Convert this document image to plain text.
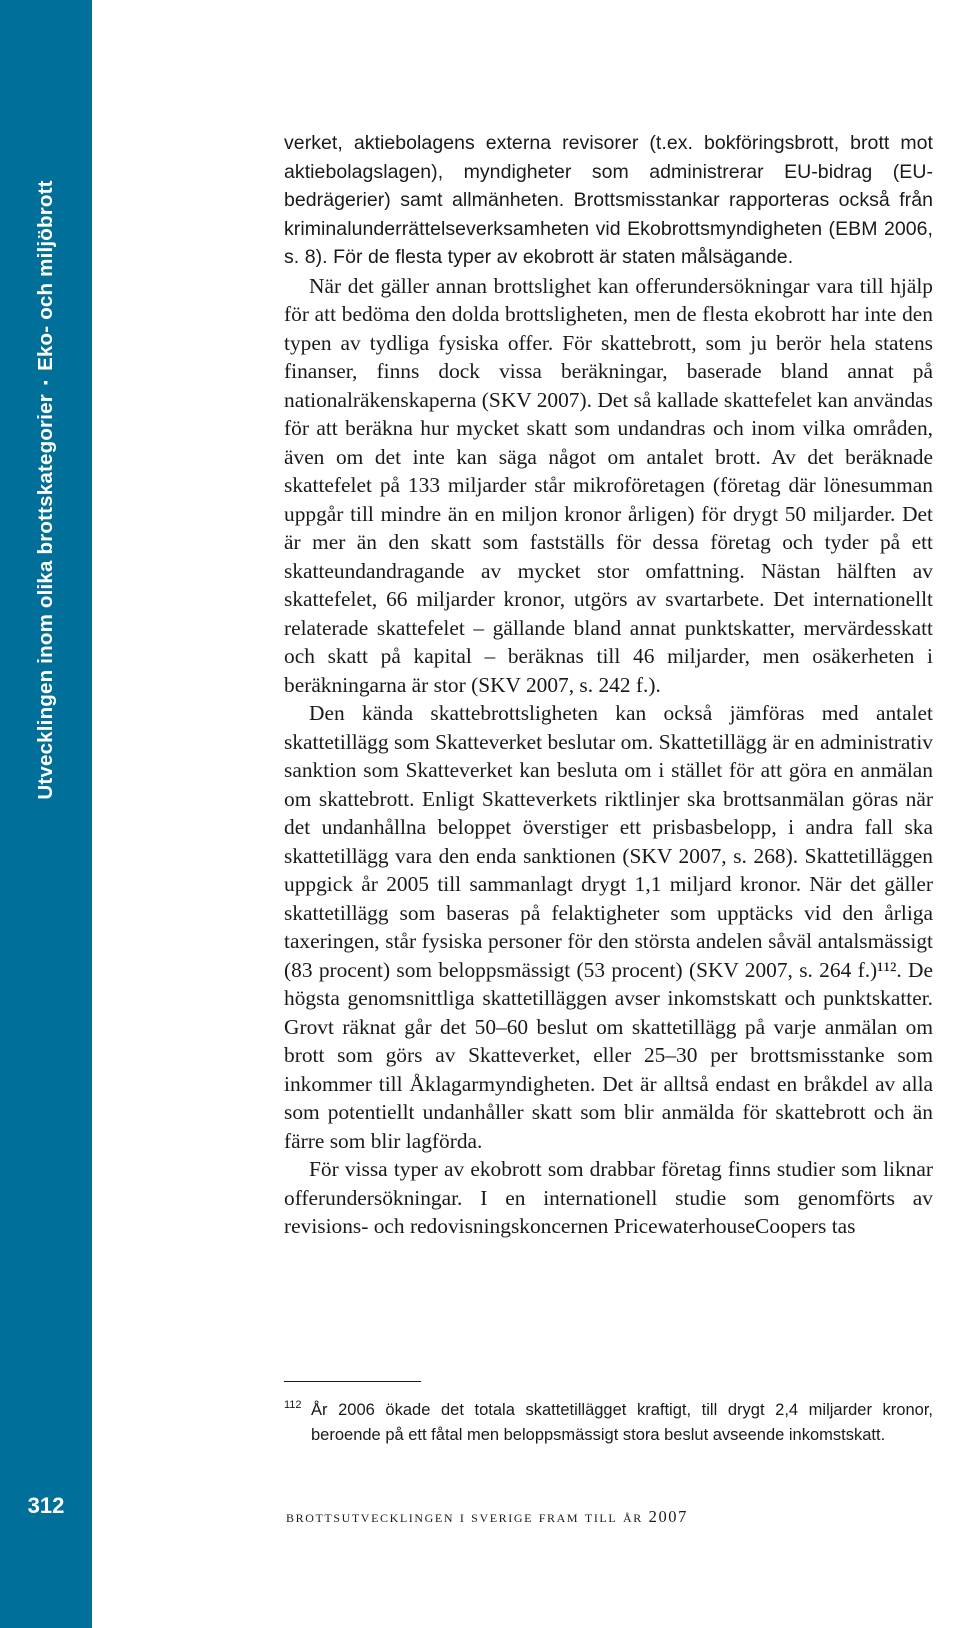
Utvecklingen inom olika brottskategorier▪Eko- och miljöbrott
312

verket, aktiebolagens externa revisorer (t.ex. bokföringsbrott, brott mot aktiebolagslagen), myndigheter som administrerar EU-bidrag (EU-bedrägerier) samt allmänheten. Brottsmisstankar rapporteras också från kriminalunderrättelseverksamheten vid Ekobrottsmyndigheten (EBM 2006, s. 8). För de flesta typer av ekobrott är staten målsägande.

När det gäller annan brottslighet kan offerundersökningar vara till hjälp för att bedöma den dolda brottsligheten, men de flesta ekobrott har inte den typen av tydliga fysiska offer. För skattebrott, som ju berör hela statens finanser, finns dock vissa beräkningar, baserade bland annat på nationalräkenskaperna (SKV 2007). Det så kallade skattefelet kan användas för att beräkna hur mycket skatt som undandras och inom vilka områden, även om det inte kan säga något om antalet brott. Av det beräknade skattefelet på 133 miljarder står mikroföretagen (företag där lönesumman uppgår till mindre än en miljon kronor årligen) för drygt 50 miljarder. Det är mer än den skatt som fastställs för dessa företag och tyder på ett skatteundandragande av mycket stor omfattning. Nästan hälften av skattefelet, 66 miljarder kronor, utgörs av svartarbete. Det internationellt relaterade skattefelet – gällande bland annat punktskatter, mervärdesskatt och skatt på kapital – beräknas till 46 miljarder, men osäkerheten i beräkningarna är stor (SKV 2007, s. 242 f.).

Den kända skattebrottsligheten kan också jämföras med antalet skattetillägg som Skatteverket beslutar om. Skattetillägg är en administrativ sanktion som Skatteverket kan besluta om i stället för att göra en anmälan om skattebrott. Enligt Skatteverkets riktlinjer ska brottsanmälan göras när det undanhållna beloppet överstiger ett prisbasbelopp, i andra fall ska skattetillägg vara den enda sanktionen (SKV 2007, s. 268). Skattetilläggen uppgick år 2005 till sammanlagt drygt 1,1 miljard kronor. När det gäller skattetillägg som baseras på felaktigheter som upptäcks vid den årliga taxeringen, står fysiska personer för den största andelen såväl antalsmässigt (83 procent) som beloppsmässigt (53 procent) (SKV 2007, s. 264 f.)¹¹². De högsta genomsnittliga skattetilläggen avser inkomstskatt och punktskatter. Grovt räknat går det 50–60 beslut om skattetillägg på varje anmälan om brott som görs av Skatteverket, eller 25–30 per brottsmisstanke som inkommer till Åklagarmyndigheten. Det är alltså endast en bråkdel av alla som potentiellt undanhåller skatt som blir anmälda för skattebrott och än färre som blir lagförda.

För vissa typer av ekobrott som drabbar företag finns studier som liknar offerundersökningar. I en internationell studie som genomförts av revisions- och redovisningskoncernen PricewaterhouseCoopers tas

112 År 2006 ökade det totala skattetillägget kraftigt, till drygt 2,4 miljarder kronor, beroende på ett fåtal men beloppsmässigt stora beslut avseende inkomstskatt.
brottsutvecklingen i sverige fram till år 2007
